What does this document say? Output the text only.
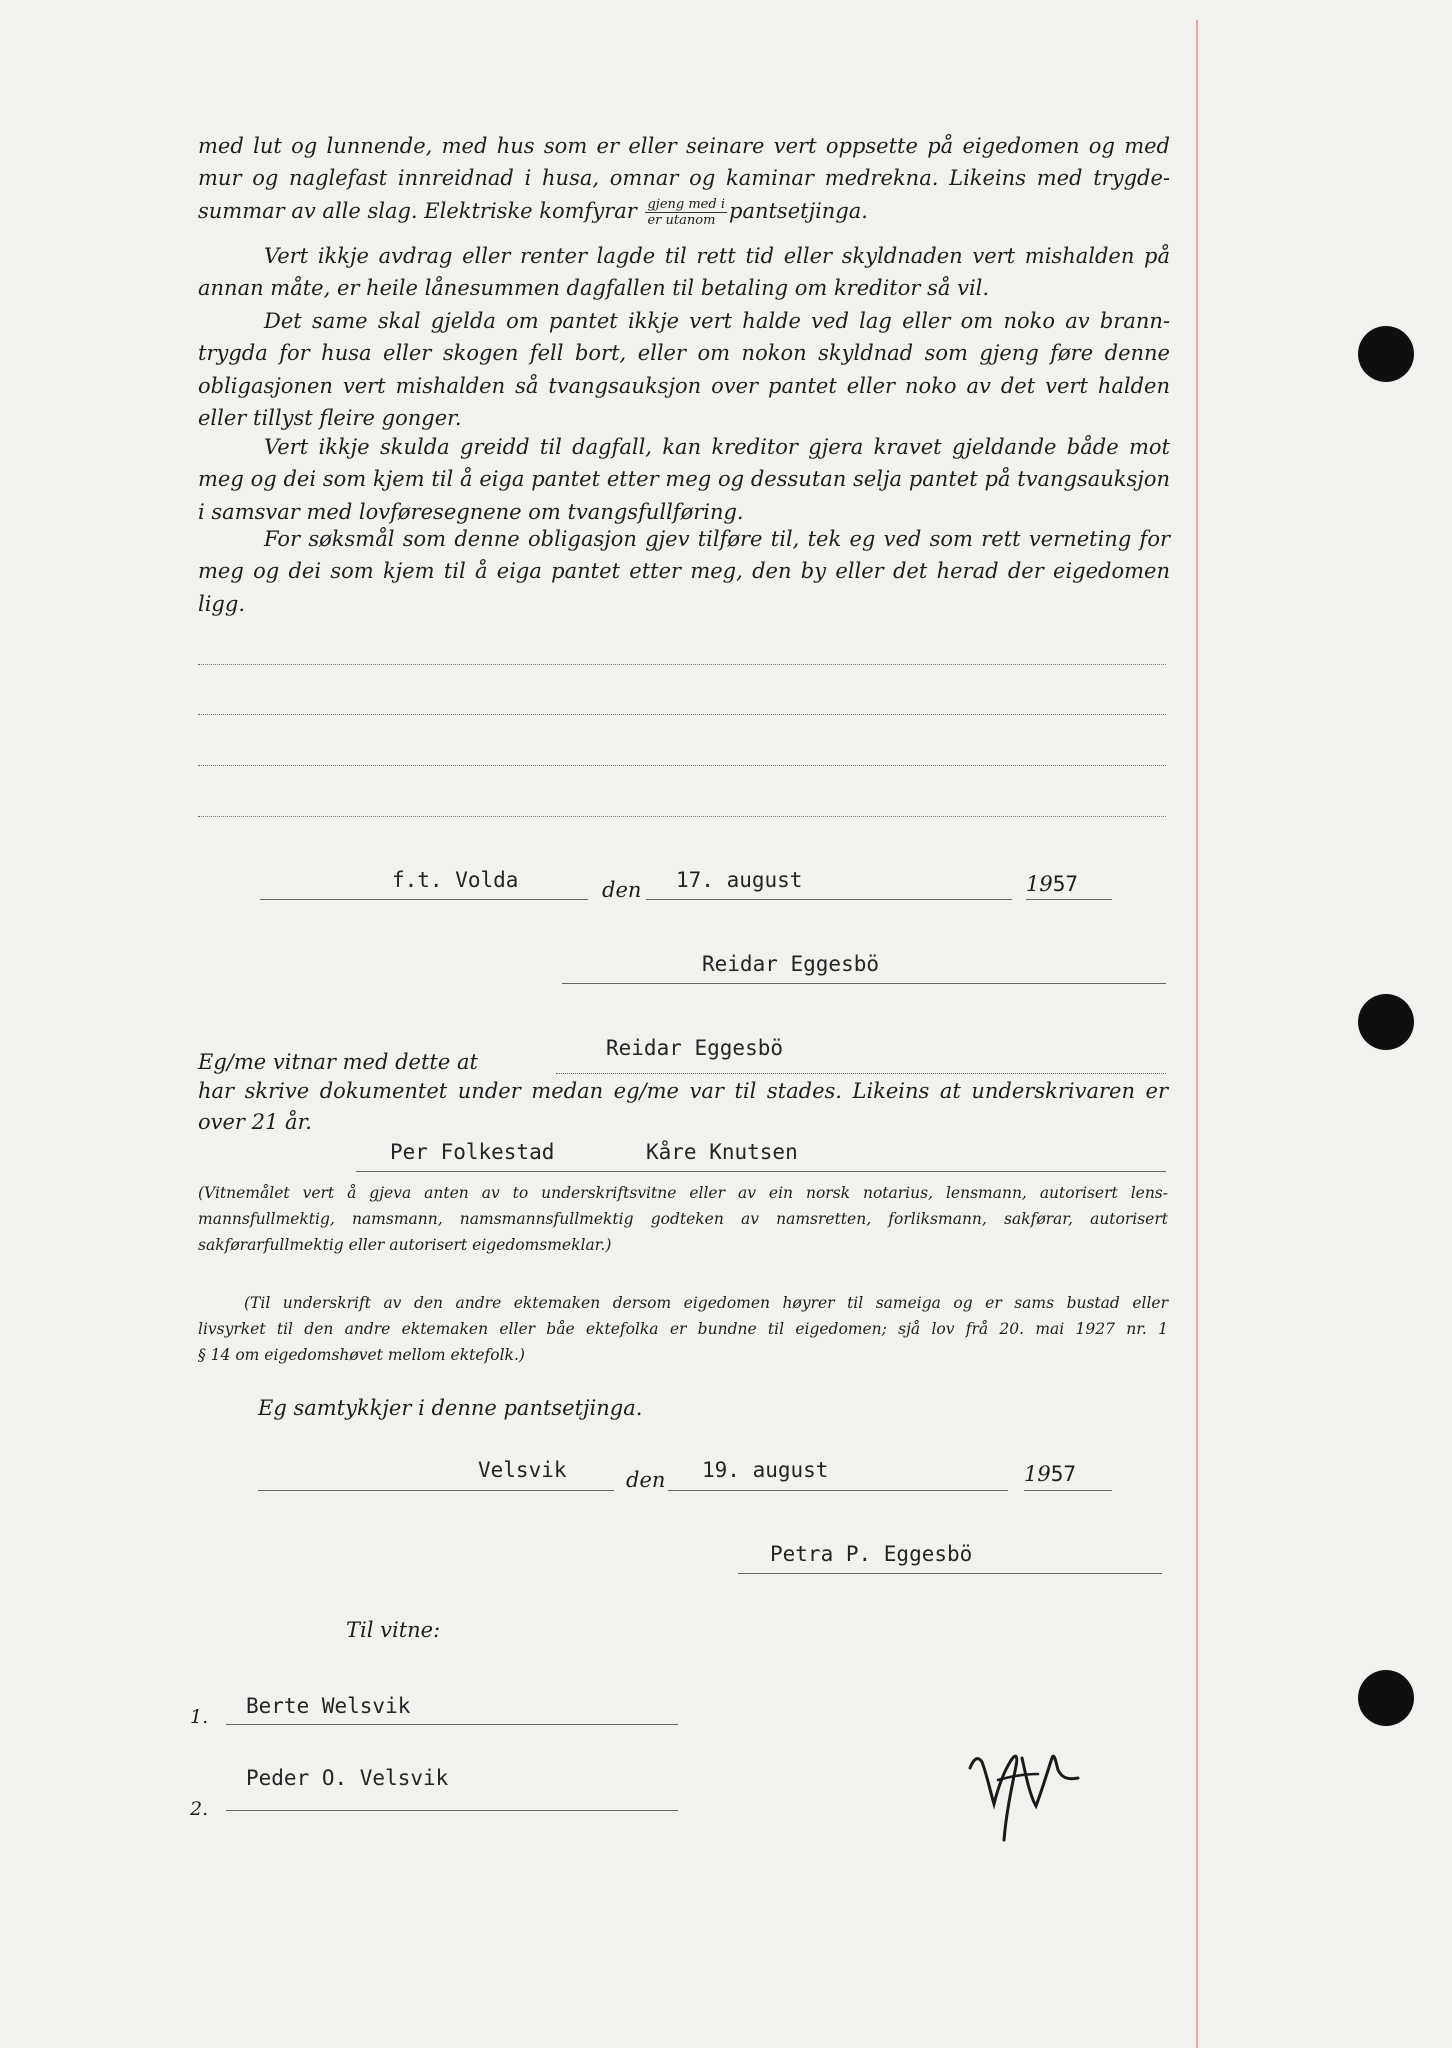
med lut og lunnende, med hus som er eller seinare vert oppsette på eigedomen og med
mur og naglefast innreidnad i husa, omnar og kaminar medrekna. Likeins med trygde-
summar av alle slag. Elektriske komfyrar $\frac{\text{gjeng med i}}{\text{er utanom}}$ pantsetjinga.
Vert ikkje avdrag eller renter lagde til rett tid eller skyldnaden vert mishalden på
annan måte, er heile lånesummen dagfallen til betaling om kreditor så vil.
Det same skal gjelda om pantet ikkje vert halde ved lag eller om noko av brann-
trygda for husa eller skogen fell bort, eller om nokon skyldnad som gjeng føre denne
obligasjonen vert mishalden så tvangsauksjon over pantet eller noko av det vert halden
eller tillyst fleire gonger.
Vert ikkje skulda greidd til dagfall, kan kreditor gjera kravet gjeldande både mot
meg og dei som kjem til å eiga pantet etter meg og dessutan selja pantet på tvangsauksjon
i samsvar med lovføresegnene om tvangsfullføring.
For søksmål som denne obligasjon gjev tilføre til, tek eg ved som rett verneting for
meg og dei som kjem til å eiga pantet etter meg, den by eller det herad der eigedomen
ligg.
f.t. Volda	den 17. august	1957
Reidar Eggesbö
Eg/me vitnar med dette at
Reidar Eggesbö
har skrive dokumentet under medan eg/me var til stades. Likeins at underskrivaren er
over 21 år.
Per Folkestad	Kåre Knutsen
(Vitnemålet vert å gjeva anten av to underskriftsvitne eller av ein norsk notarius, lensmann, autorisert lens-
mannsfullmektig, namsmann, namsmannsfullmektig godteken av namsretten, forliksmann, sakførar, autorisert
sakførarfullmektig eller autorisert eigedomsmeklar.)
(Til underskrift av den andre ektemaken dersom eigedomen høyrer til sameiga og er sams bustad eller
livsyrket til den andre ektemaken eller båe ektefolka er bundne til eigedomen; sjå lov frå 20. mai 1927 nr. 1
§ 14 om eigedomshøvet mellom ektefolk.)
Eg samtykkjer i denne pantsetjinga.
Velsvik	den 19. august	1957
Petra P. Eggesbö
Til vitne:
1. Berte Welsvik
2.
Peder O. Velsvik
